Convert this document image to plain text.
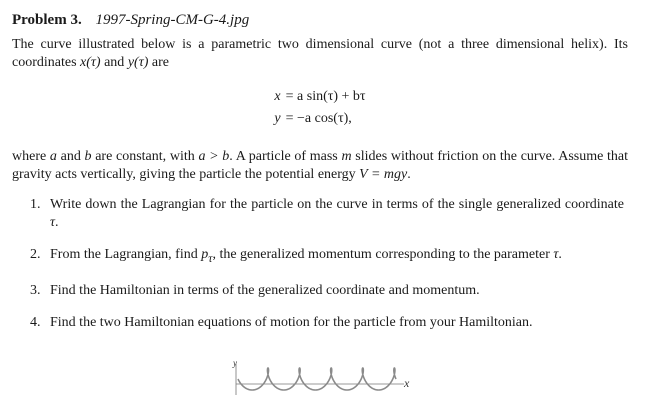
Problem 3. 1997-Spring-CM-G-4.jpg

The curve illustrated below is a parametric two dimensional curve (not a three dimensional helix). Its coordinates x(τ) and y(τ) are

x = a sin(τ) + bτ
y = −a cos(τ),

where a and b are constant, with a > b. A particle of mass m slides without friction on the curve. Assume that gravity acts vertically, giving the particle the potential energy V = mgy.

1. Write down the Lagrangian for the particle on the curve in terms of the single generalized coordinate τ.
2. From the Lagrangian, find $p_\tau$, the generalized momentum corresponding to the parameter τ.
3. Find the Hamiltonian in terms of the generalized coordinate and momentum.
4. Find the two Hamiltonian equations of motion for the particle from your Hamiltonian.
y
x
